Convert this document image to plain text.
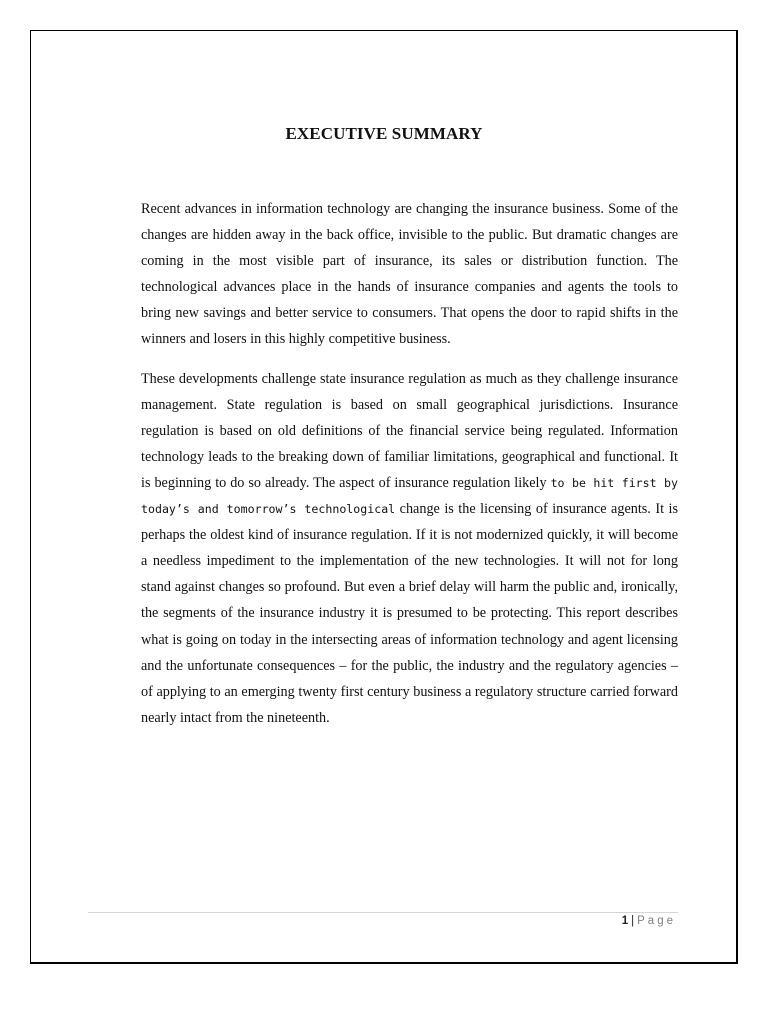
EXECUTIVE SUMMARY

Recent advances in information technology are changing the insurance business. Some of the changes are hidden away in the back office, invisible to the public. But dramatic changes are coming in the most visible part of insurance, its sales or distribution function. The technological advances place in the hands of insurance companies and agents the tools to bring new savings and better service to consumers. That opens the door to rapid shifts in the winners and losers in this highly competitive business.

These developments challenge state insurance regulation as much as they challenge insurance management. State regulation is based on small geographical jurisdictions. Insurance regulation is based on old definitions of the financial service being regulated. Information technology leads to the breaking down of familiar limitations, geographical and functional. It is beginning to do so already. The aspect of insurance regulation likely to be hit first by today’s and tomorrow’s technological change is the licensing of insurance agents. It is perhaps the oldest kind of insurance regulation. If it is not modernized quickly, it will become a needless impediment to the implementation of the new technologies. It will not for long stand against changes so profound. But even a brief delay will harm the public and, ironically, the segments of the insurance industry it is presumed to be protecting. This report describes what is going on today in the intersecting areas of information technology and agent licensing and the unfortunate consequences – for the public, the industry and the regulatory agencies – of applying to an emerging twenty first century business a regulatory structure carried forward nearly intact from the nineteenth.

1 | Page
